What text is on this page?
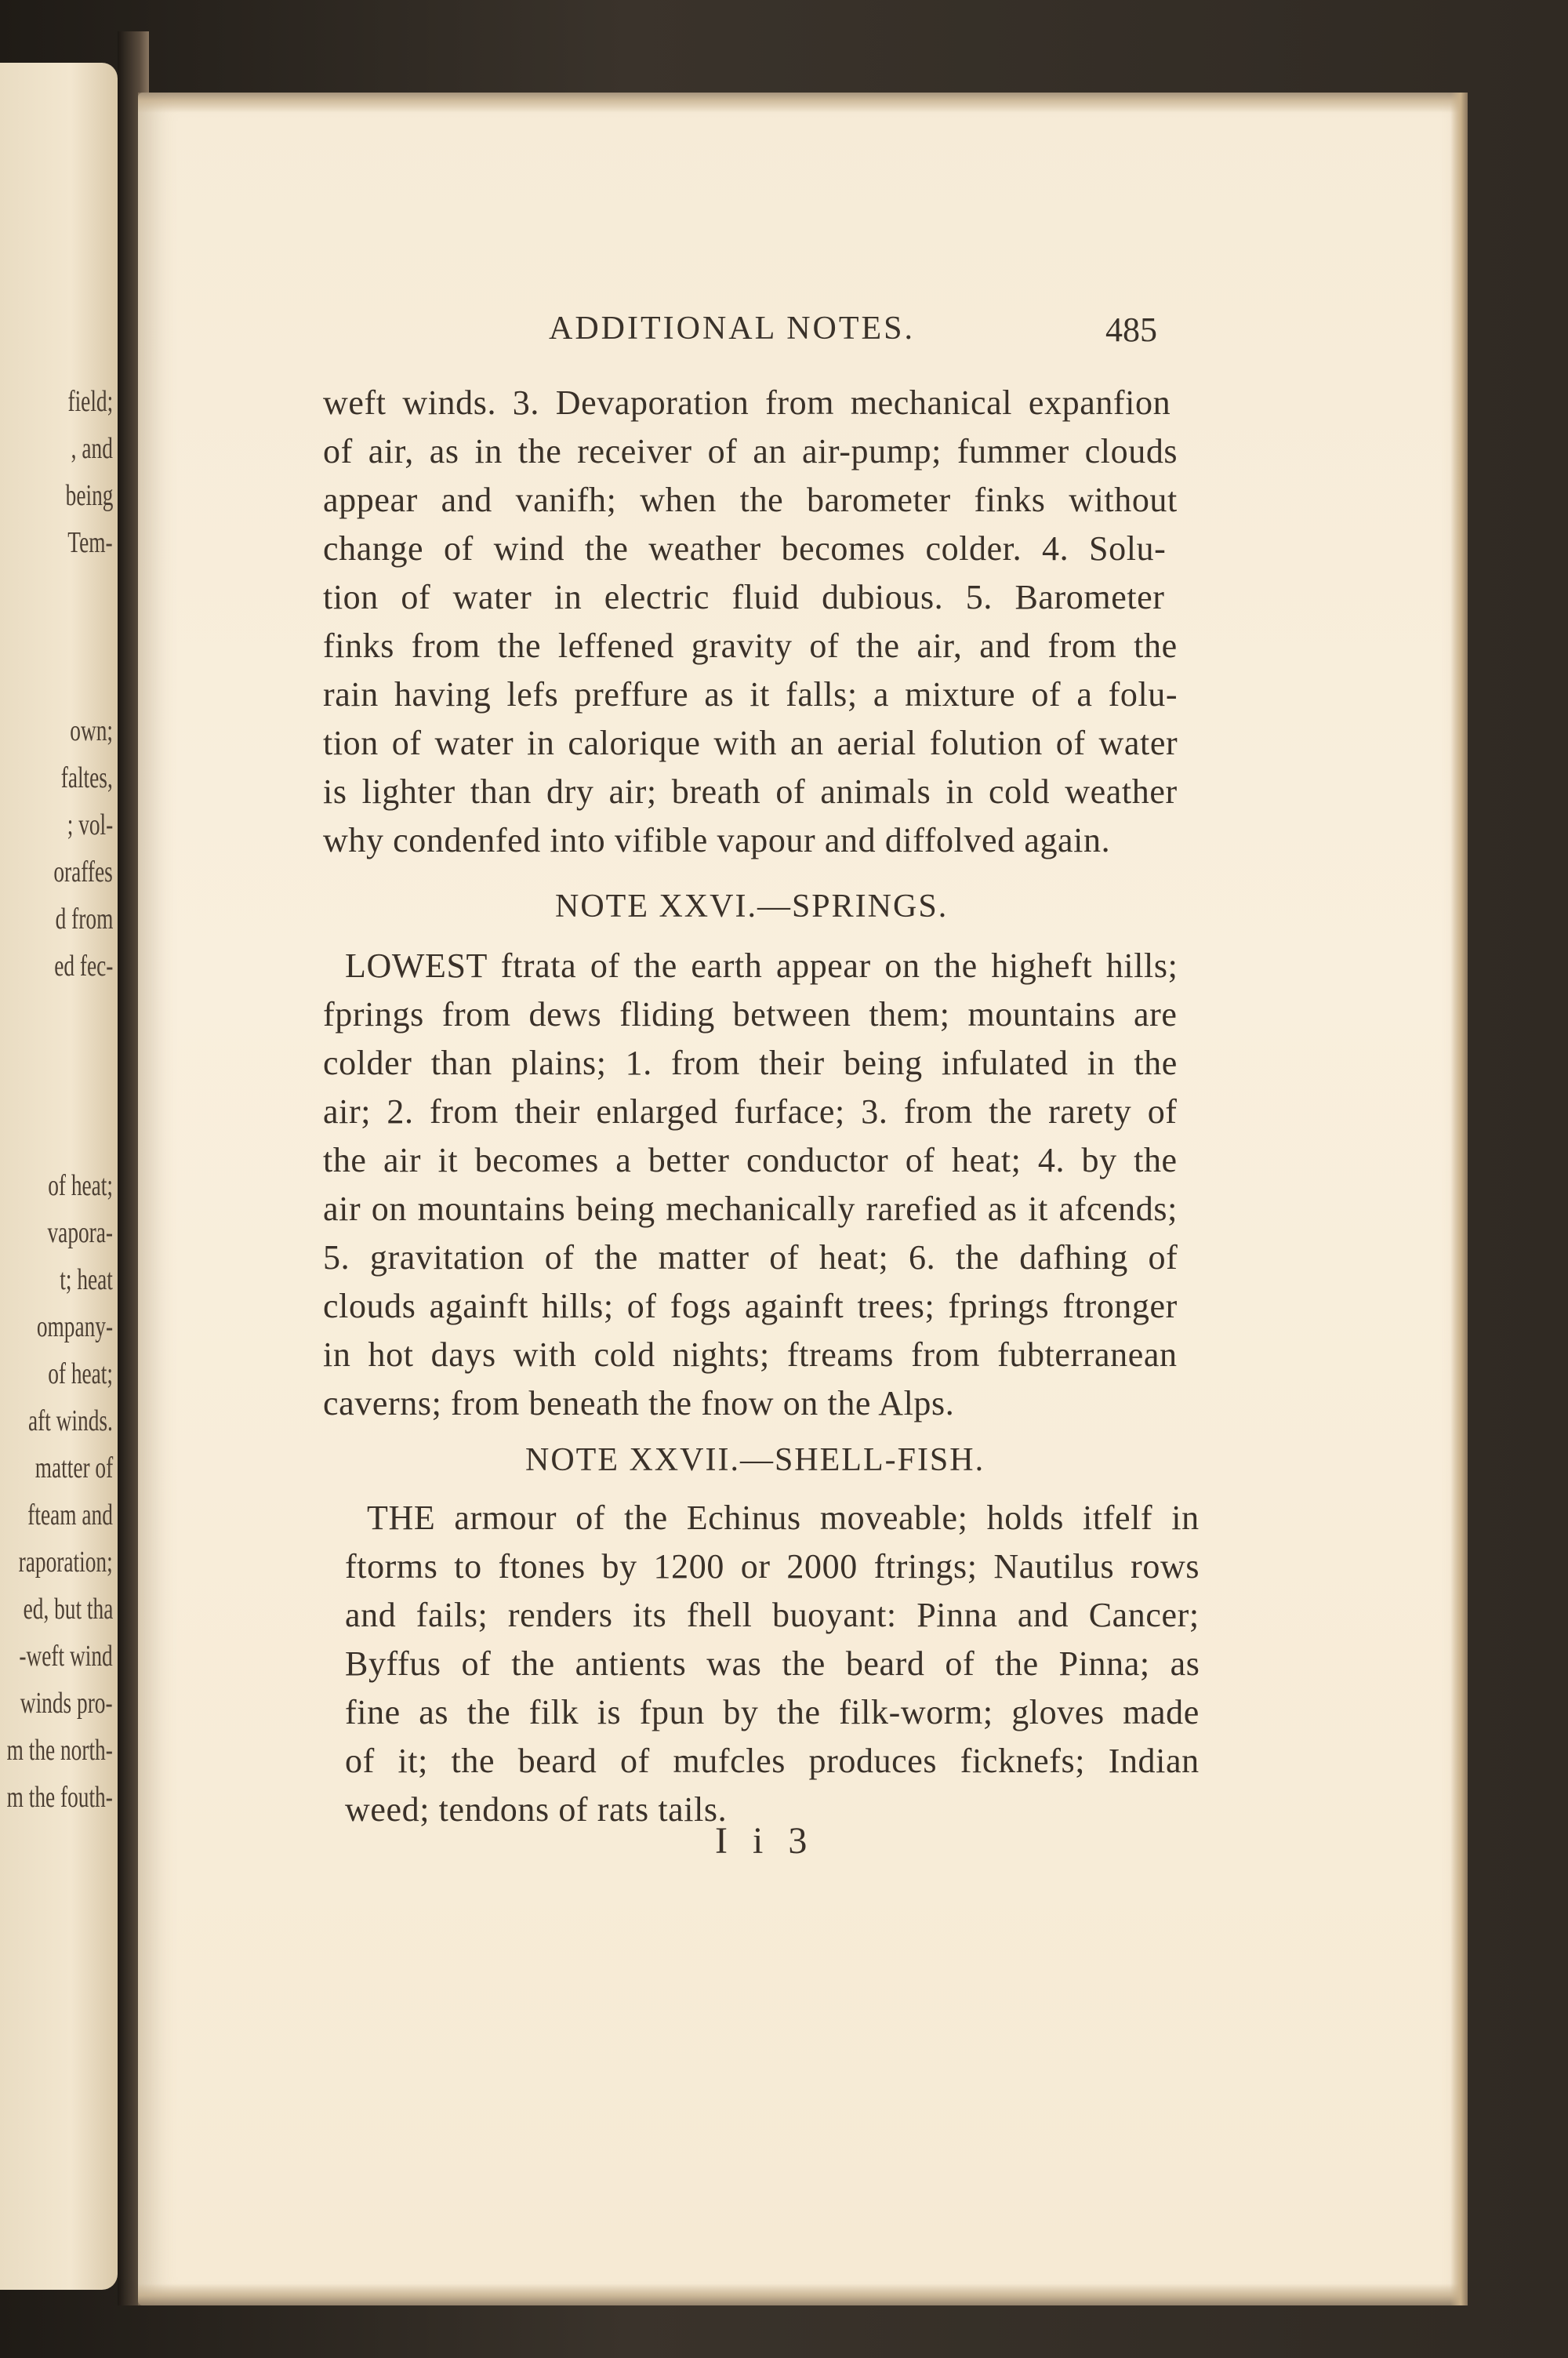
field;
, and
being
Tem-
own;
faltes,
; vol-
oraffes
d from
ed fec-
of heat;
vapora-
t; heat
ompany-
of heat;
aft winds.
matter of
fteam and
raporation;
ed, but tha
-weft wind
winds pro-
m the north-
m the fouth-
ADDITIONAL NOTES.	485
weft winds. 3. Devaporation from mechanical expanfion
of air, as in the receiver of an air-pump; fummer clouds
appear and vanifh; when the barometer finks without
change of wind the weather becomes colder. 4. Solu-
tion of water in electric fluid dubious. 5. Barometer
finks from the leffened gravity of the air, and from the
rain having lefs preffure as it falls; a mixture of a folu-
tion of water in calorique with an aerial folution of water
is lighter than dry air; breath of animals in cold weather
why condenfed into vifible vapour and diffolved again.
NOTE XXVI.—SPRINGS.
LOWEST ftrata of the earth appear on the higheft hills;
fprings from dews fliding between them; mountains are
colder than plains; 1. from their being infulated in the
air; 2. from their enlarged furface; 3. from the rarety of
the air it becomes a better conductor of heat; 4. by the
air on mountains being mechanically rarefied as it afcends;
5. gravitation of the matter of heat; 6. the dafhing of
clouds againft hills; of fogs againft trees; fprings ftronger
in hot days with cold nights; ftreams from fubterranean
caverns; from beneath the fnow on the Alps.
NOTE XXVII.—SHELL-FISH.
THE armour of the Echinus moveable; holds itfelf in
ftorms to ftones by 1200 or 2000 ftrings; Nautilus rows
and fails; renders its fhell buoyant: Pinna and Cancer;
Byffus of the antients was the beard of the Pinna; as
fine as the filk is fpun by the filk-worm; gloves made
of it; the beard of mufcles produces ficknefs; Indian
weed; tendons of rats tails.
I i 3
